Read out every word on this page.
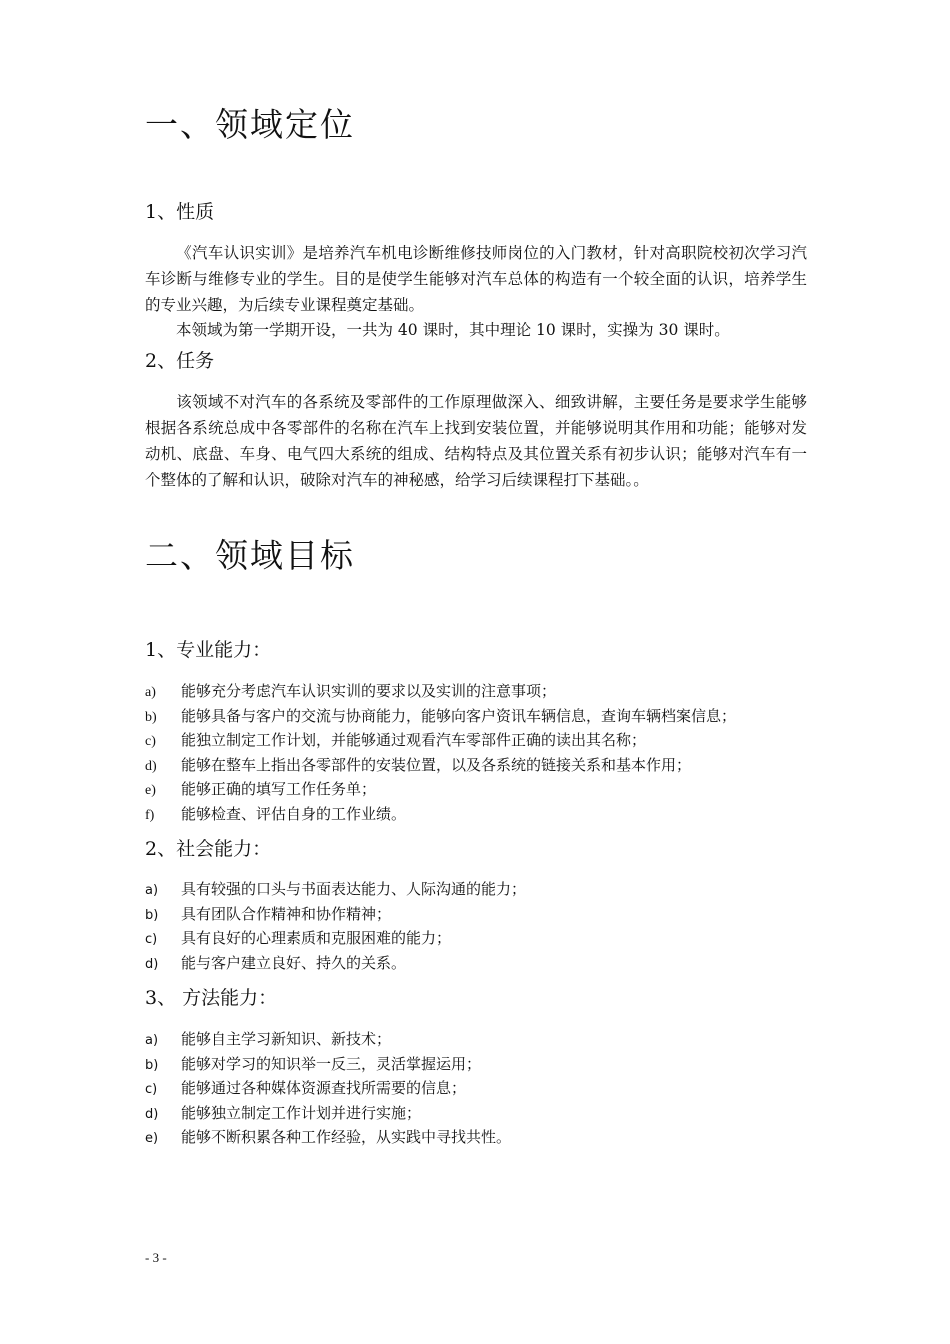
一、领域定位
1、性质

《汽车认识实训》是培养汽车机电诊断维修技师岗位的入门教材，针对高职院校初次学习汽车诊断与维修专业的学生。目的是使学生能够对汽车总体的构造有一个较全面的认识，培养学生的专业兴趣，为后续专业课程奠定基础。

本领域为第一学期开设，一共为 40 课时，其中理论 10 课时，实操为 30 课时。

2、任务

该领域不对汽车的各系统及零部件的工作原理做深入、细致讲解，主要任务是要求学生能够根据各系统总成中各零部件的名称在汽车上找到安装位置，并能够说明其作用和功能；能够对发动机、底盘、车身、电气四大系统的组成、结构特点及其位置关系有初步认识；能够对汽车有一个整体的了解和认识，破除对汽车的神秘感，给学习后续课程打下基础。。

二、领域目标
1、专业能力：
a) 能够充分考虑汽车认识实训的要求以及实训的注意事项；
b) 能够具备与客户的交流与协商能力，能够向客户资讯车辆信息，查询车辆档案信息；
c) 能独立制定工作计划，并能够通过观看汽车零部件正确的读出其名称；
d) 能够在整车上指出各零部件的安装位置，以及各系统的链接关系和基本作用；
e) 能够正确的填写工作任务单；
f) 能够检查、评估自身的工作业绩。
2、社会能力：
a) 具有较强的口头与书面表达能力、人际沟通的能力；
b) 具有团队合作精神和协作精神；
c) 具有良好的心理素质和克服困难的能力；
d) 能与客户建立良好、持久的关系。
3、 方法能力：
a) 能够自主学习新知识、新技术；
b) 能够对学习的知识举一反三，灵活掌握运用；
c) 能够通过各种媒体资源查找所需要的信息；
d) 能够独立制定工作计划并进行实施；
e) 能够不断积累各种工作经验，从实践中寻找共性。
- 3 -
